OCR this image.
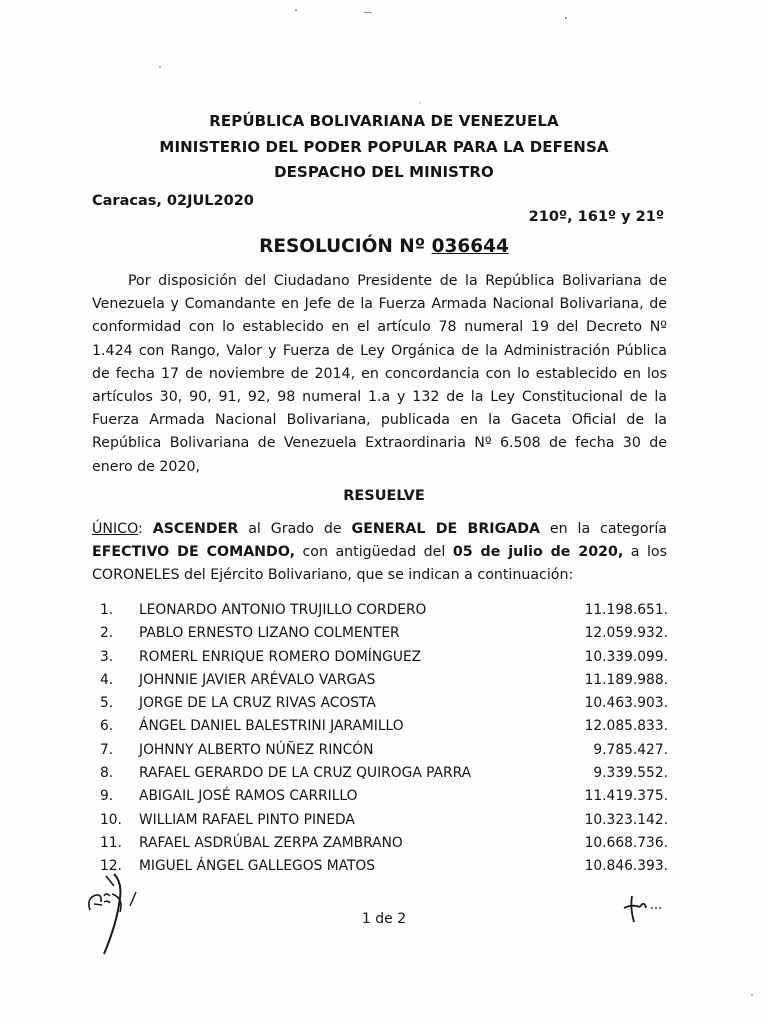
REPÚBLICA BOLIVARIANA DE VENEZUELA
MINISTERIO DEL PODER POPULAR PARA LA DEFENSA
DESPACHO DEL MINISTRO
Caracas, 02JUL2020
210º, 161º y 21º
RESOLUCIÓN Nº 036644

Por disposición del Ciudadano Presidente de la República Bolivariana de Venezuela y Comandante en Jefe de la Fuerza Armada Nacional Bolivariana, de conformidad con lo establecido en el artículo 78 numeral 19 del Decreto Nº 1.424 con Rango, Valor y Fuerza de Ley Orgánica de la Administración Pública de fecha 17 de noviembre de 2014, en concordancia con lo establecido en los artículos 30, 90, 91, 92, 98 numeral 1.a y 132 de la Ley Constitucional de la Fuerza Armada Nacional Bolivariana, publicada en la Gaceta Oficial de la República Bolivariana de Venezuela Extraordinaria Nº 6.508 de fecha 30 de enero de 2020,

RESUELVE

ÚNICO: ASCENDER al Grado de GENERAL DE BRIGADA en la categoría EFECTIVO DE COMANDO, con antigüedad del 05 de julio de 2020, a los CORONELES del Ejército Bolivariano, que se indican a continuación:

1. LEONARDO ANTONIO TRUJILLO CORDERO	11.198.651.
2. PABLO ERNESTO LIZANO COLMENTER	12.059.932.
3. ROMERL ENRIQUE ROMERO DOMÍNGUEZ	10.339.099.
4. JOHNNIE JAVIER ARÉVALO VARGAS	11.189.988.
5. JORGE DE LA CRUZ RIVAS ACOSTA	10.463.903.
6. ÁNGEL DANIEL BALESTRINI JARAMILLO	12.085.833.
7. JOHNNY ALBERTO NÚÑEZ RINCÓN	9.785.427.
8. RAFAEL GERARDO DE LA CRUZ QUIROGA PARRA	9.339.552.
9. ABIGAIL JOSÉ RAMOS CARRILLO	11.419.375.
10. WILLIAM RAFAEL PINTO PINEDA	10.323.142.
11. RAFAEL ASDRÚBAL ZERPA ZAMBRANO	10.668.736.
12. MIGUEL ÁNGEL GALLEGOS MATOS	10.846.393.
1 de 2
